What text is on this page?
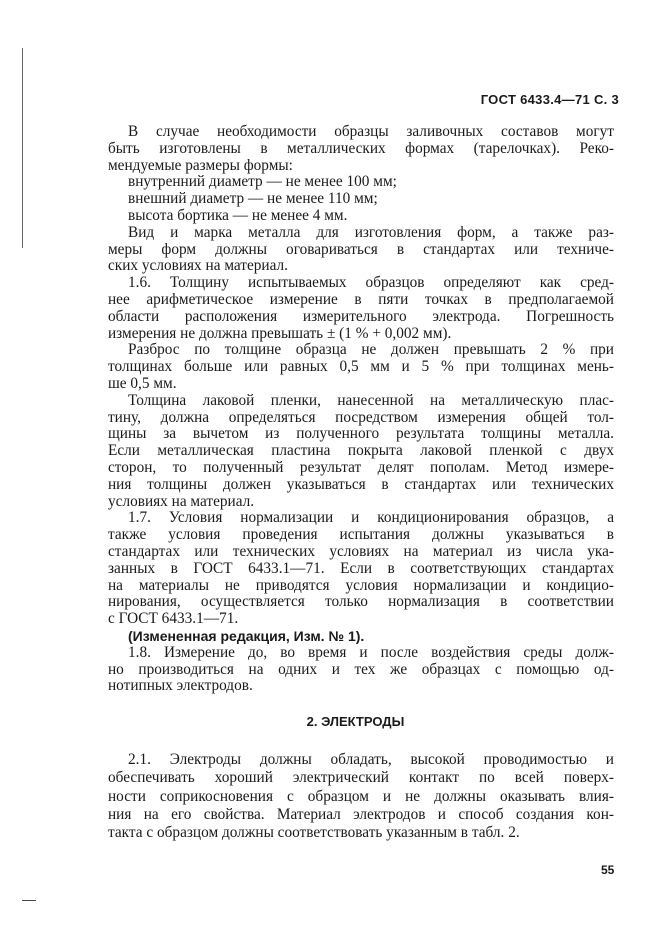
ГОСТ 6433.4—71 С. 3
В случае необходимости образцы заливочных составов могут
быть изготовлены в металлических формах (тарелочках). Реко-
мендуемые размеры формы:
внутренний диаметр — не менее 100 мм;
внешний диаметр — не менее 110 мм;
высота бортика — не менее 4 мм.
Вид и марка металла для изготовления форм, а также раз-
меры форм должны оговариваться в стандартах или техниче-
ских условиях на материал.
1.6. Толщину испытываемых образцов определяют как сред-
нее арифметическое измерение в пяти точках в предполагаемой
области расположения измерительного электрода. Погрешность
измерения не должна превышать ± (1 % + 0,002 мм).
Разброс по толщине образца не должен превышать 2 % при
толщинах больше или равных 0,5 мм и 5 % при толщинах мень-
ше 0,5 мм.
Толщина лаковой пленки, нанесенной на металлическую плас-
тину, должна определяться посредством измерения общей тол-
щины за вычетом из полученного результата толщины металла.
Если металлическая пластина покрыта лаковой пленкой с двух
сторон, то полученный результат делят пополам. Метод измере-
ния толщины должен указываться в стандартах или технических
условиях на материал.
1.7. Условия нормализации и кондиционирования образцов, а
также условия проведения испытания должны указываться в
стандартах или технических условиях на материал из числа ука-
занных в ГОСТ 6433.1—71. Если в соответствующих стандартах
на материалы не приводятся условия нормализации и кондицио-
нирования, осуществляется только нормализация в соответствии
с ГОСТ 6433.1—71.
(Измененная редакция, Изм. № 1).
1.8. Измерение до, во время и после воздействия среды долж-
но производиться на одних и тех же образцах с помощью од-
нотипных электродов.
2. ЭЛЕКТРОДЫ
2.1. Электроды должны обладать, высокой проводимостью и
обеспечивать хороший электрический контакт по всей поверх-
ности соприкосновения с образцом и не должны оказывать влия-
ния на его свойства. Материал электродов и способ создания кон-
такта с образцом должны соответствовать указанным в табл. 2.
55
